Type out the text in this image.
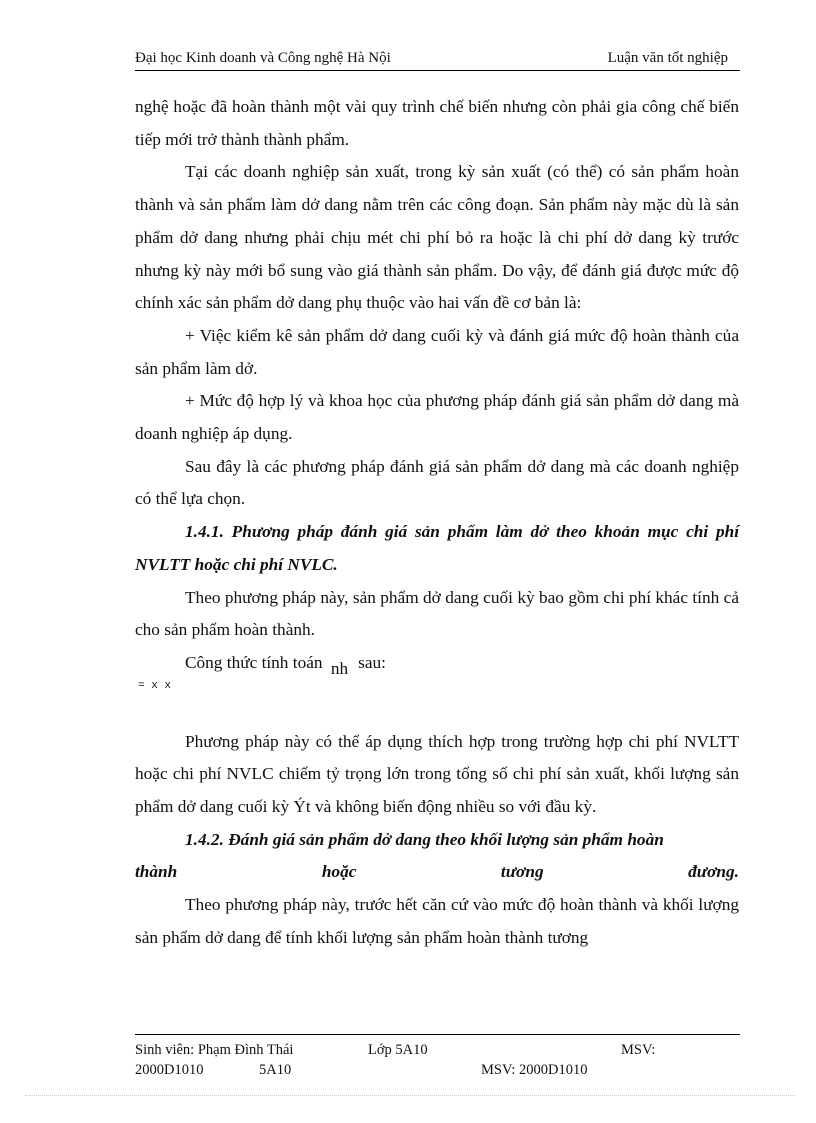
Đại học Kinh doanh và Công nghệ Hà Nội	Luận văn tốt nghiệp

nghệ hoặc đã hoàn thành một vài quy trình chế biến nhưng còn phải gia công chế biến tiếp mới trở thành thành phẩm.

Tại các doanh nghiệp sản xuất, trong kỳ sản xuất (có thể) có sản phẩm hoàn thành và sản phẩm làm dở dang nằm trên các công đoạn. Sản phẩm này mặc dù là sản phẩm dở dang nhưng phải chịu mét chi phí bỏ ra hoặc là chi phí dở dang kỳ trước nhưng kỳ này mới bổ sung vào giá thành sản phẩm. Do vậy, để đánh giá được mức độ chính xác sản phẩm dở dang phụ thuộc vào hai vấn đề cơ bản là:

+ Việc kiểm kê sản phẩm dở dang cuối kỳ và đánh giá mức độ hoàn thành của sản phẩm làm dở.

+ Mức độ hợp lý và khoa học của phương pháp đánh giá sản phẩm dở dang mà doanh nghiệp áp dụng.

Sau đây là các phương pháp đánh giá sản phẩm dở dang mà các doanh nghiệp có thể lựa chọn.

1.4.1. Phương pháp đánh giá sản phẩm làm dở theo khoản mục chi phí NVLTT hoặc chi phí NVLC.

Theo phương pháp này, sản phẩm dở dang cuối kỳ bao gồm chi phí khác tính cả cho sản phẩm hoàn thành.

Công thức tính toán nh sau:

= x x

Phương pháp này có thể áp dụng thích hợp trong trường hợp chi phí NVLTT hoặc chi phí NVLC chiếm tỷ trọng lớn trong tổng số chi phí sản xuất, khối lượng sản phẩm dở dang cuối kỳ Ýt và không biến động nhiều so với đầu kỳ.

1.4.2. Đánh giá sản phẩm dở dang theo khối lượng sản phẩm hoàn

thành	hoặc	tương	đương.

Theo phương pháp này, trước hết căn cứ vào mức độ hoàn thành và khối lượng sản phẩm dở dang để tính khối lượng sản phẩm hoàn thành tương

Sinh viên: Phạm Đình Thái	Lớp 5A10	MSV:
2000D1010	5A10	MSV: 2000D1010
